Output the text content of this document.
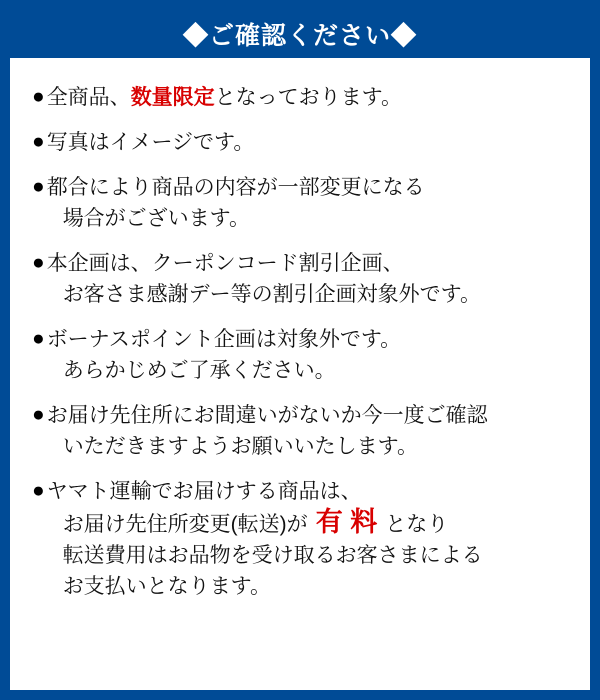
◆ご確認ください◆
● 全商品、数量限定となっております。
● 写真はイメージです。
● 都合により商品の内容が一部変更になる
場合がございます。
● 本企画は、クーポンコード割引企画、
お客さま感謝デー等の割引企画対象外です。
● ボーナスポイント企画は対象外です。
あらかじめご了承ください。
● お届け先住所にお間違いがないか今一度ご確認
いただきますようお願いいたします。
● ヤマト運輸でお届けする商品は、
お届け先住所変更(転送)が 有 料 となり
転送費用はお品物を受け取るお客さまによる
お支払いとなります。
